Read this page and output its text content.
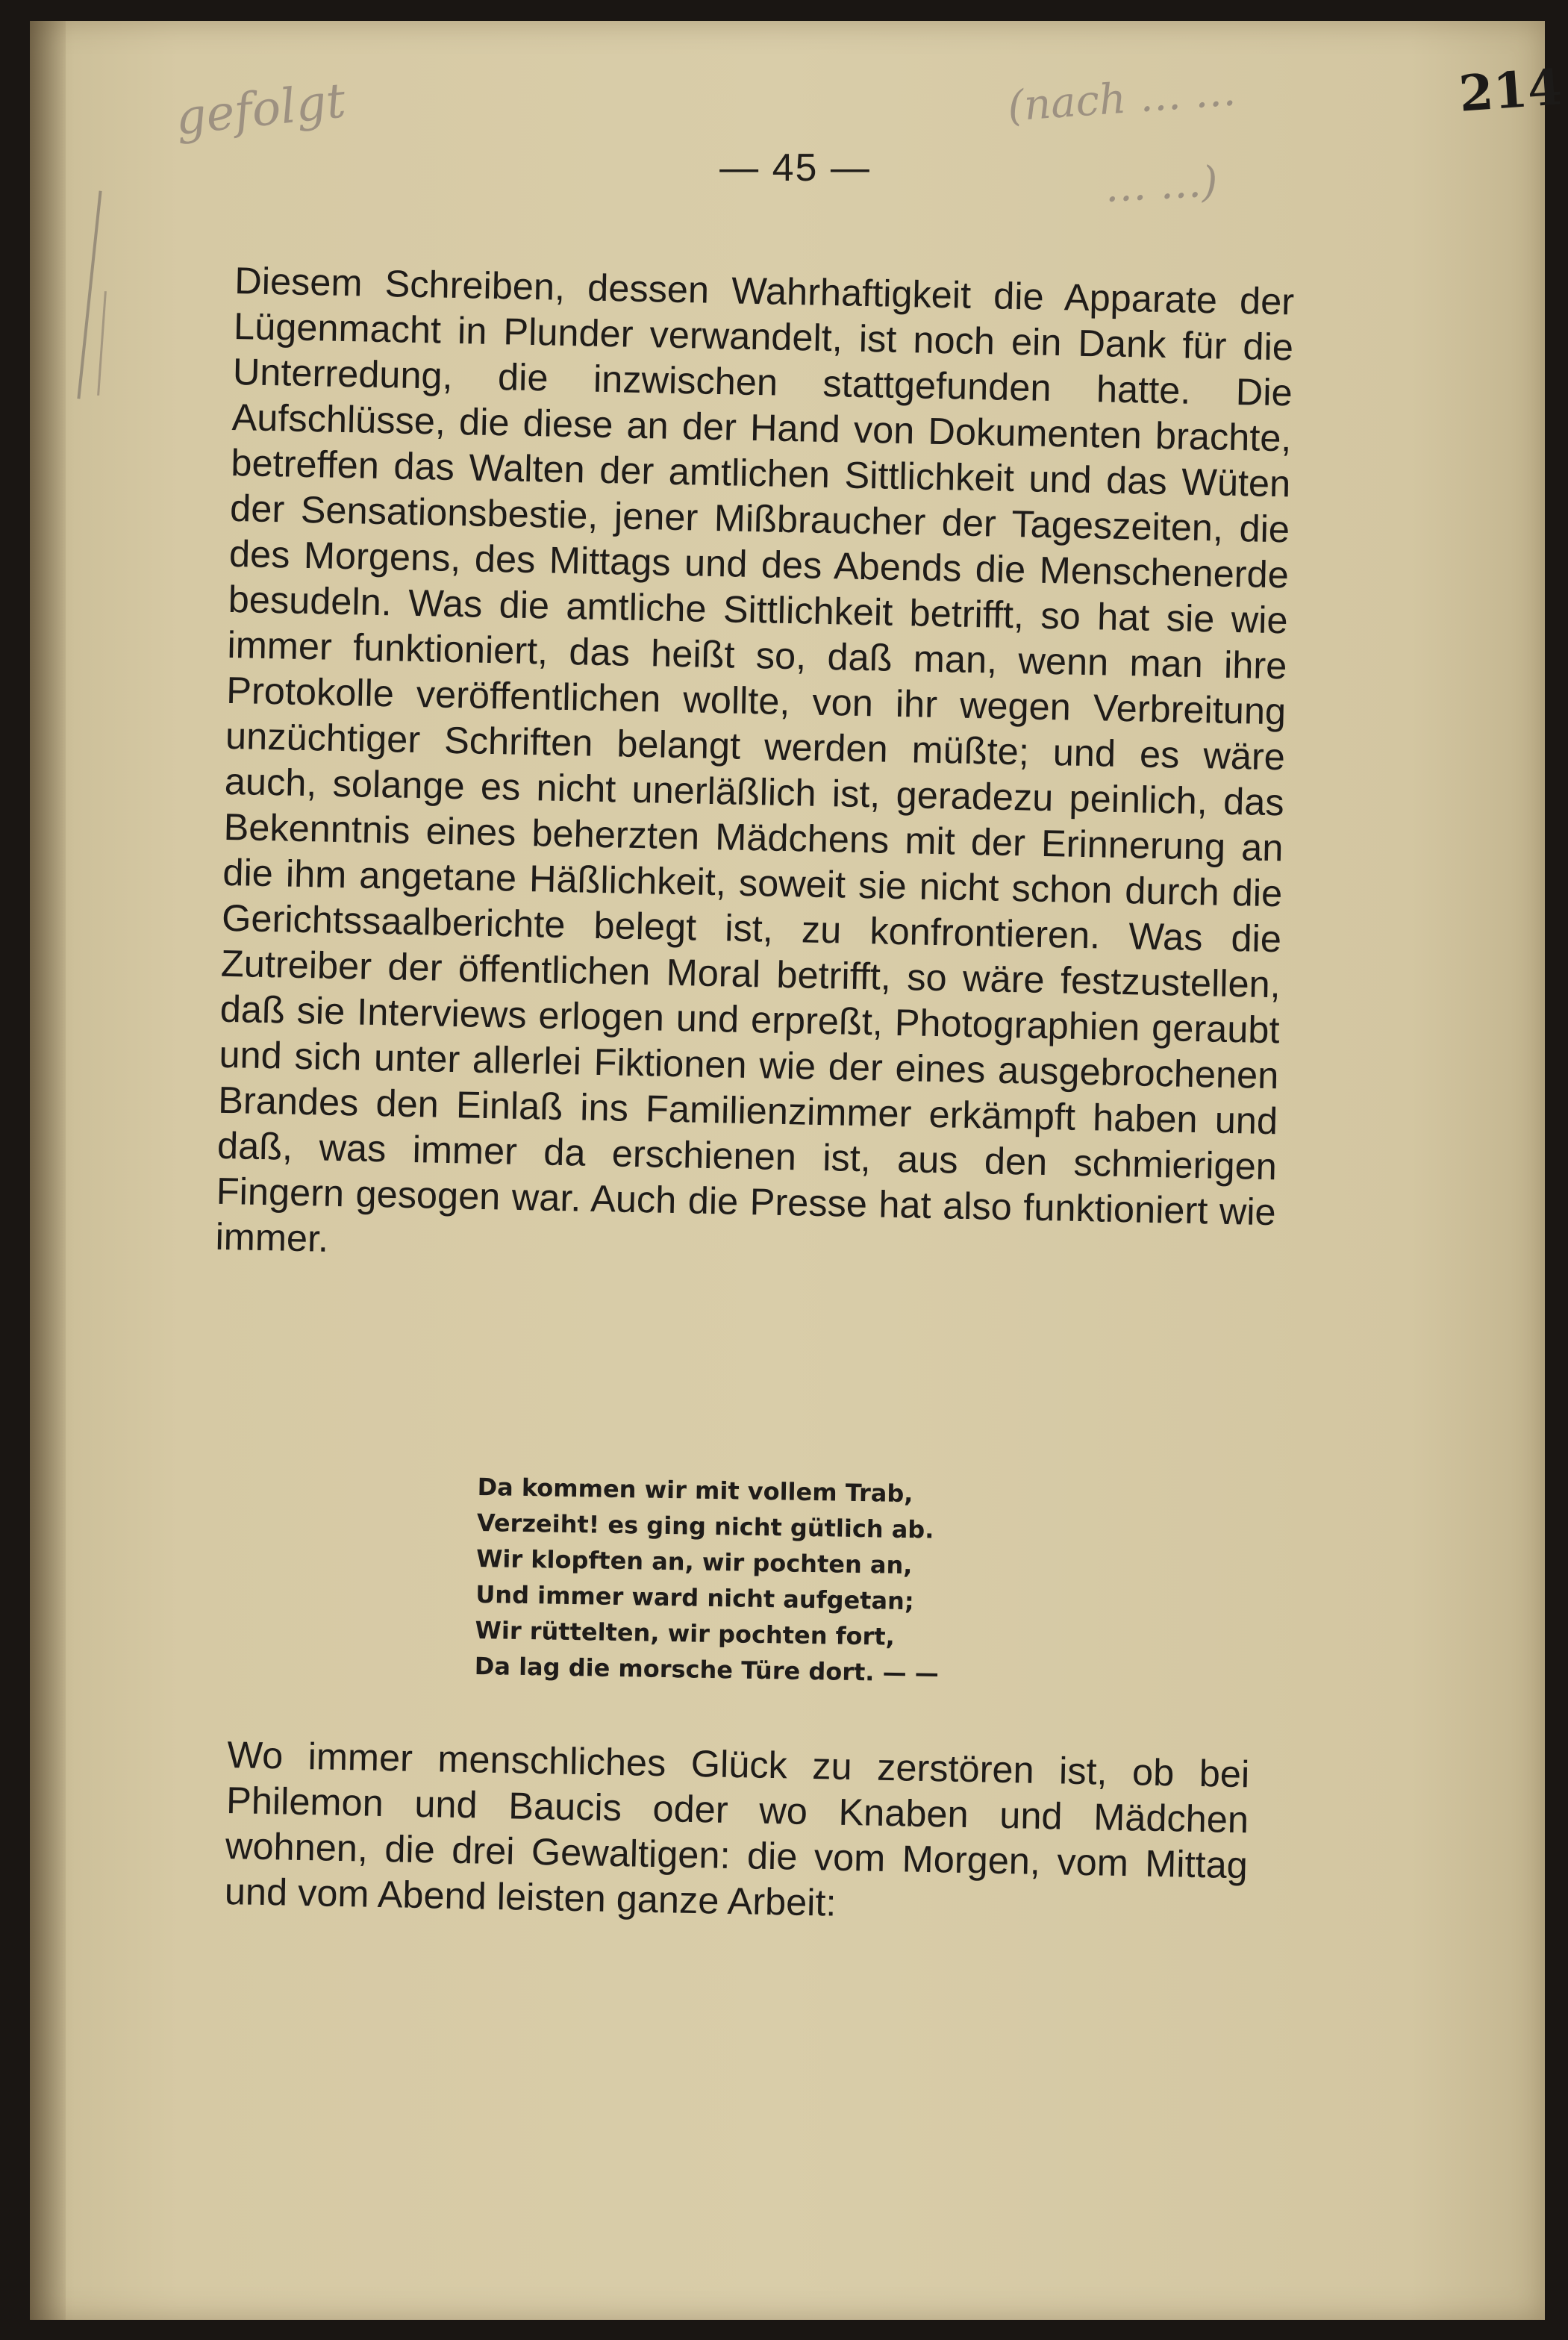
gefolgt	(nach … …
… …)
214
— 45 —

Diesem Schreiben, dessen Wahrhaftigkeit die Apparate der Lügenmacht in Plunder verwandelt, ist noch ein Dank für die Unterredung, die inzwischen stattgefunden hatte. Die Aufschlüsse, die diese an der Hand von Dokumenten brachte, betreffen das Walten der amtlichen Sittlichkeit und das Wüten der Sensationsbestie, jener Mißbraucher der Tageszeiten, die des Morgens, des Mittags und des Abends die Menschenerde besudeln. Was die amtliche Sittlichkeit betrifft, so hat sie wie immer funktioniert, das heißt so, daß man, wenn man ihre Protokolle veröffentlichen wollte, von ihr wegen Verbreitung unzüchtiger Schriften belangt werden müßte; und es wäre auch, solange es nicht unerläßlich ist, geradezu peinlich, das Bekenntnis eines beherzten Mädchens mit der Erinnerung an die ihm angetane Häßlichkeit, soweit sie nicht schon durch die Gerichtssaalberichte belegt ist, zu konfrontieren. Was die Zutreiber der öffentlichen Moral betrifft, so wäre festzustellen, daß sie Interviews erlogen und erpreßt, Photographien geraubt und sich unter allerlei Fiktionen wie der eines ausgebrochenen Brandes den Einlaß ins Familienzimmer erkämpft haben und daß, was immer da erschienen ist, aus den schmierigen Fingern gesogen war. Auch die Presse hat also funktioniert wie immer.

Da kommen wir mit vollem Trab,
Verzeiht! es ging nicht gütlich ab.
Wir klopften an, wir pochten an,
Und immer ward nicht aufgetan;
Wir rüttelten, wir pochten fort,
Da lag die morsche Türe dort. — —

Wo immer menschliches Glück zu zerstören ist, ob bei Philemon und Baucis oder wo Knaben und Mädchen wohnen, die drei Gewaltigen: die vom Morgen, vom Mittag und vom Abend leisten ganze Arbeit:
